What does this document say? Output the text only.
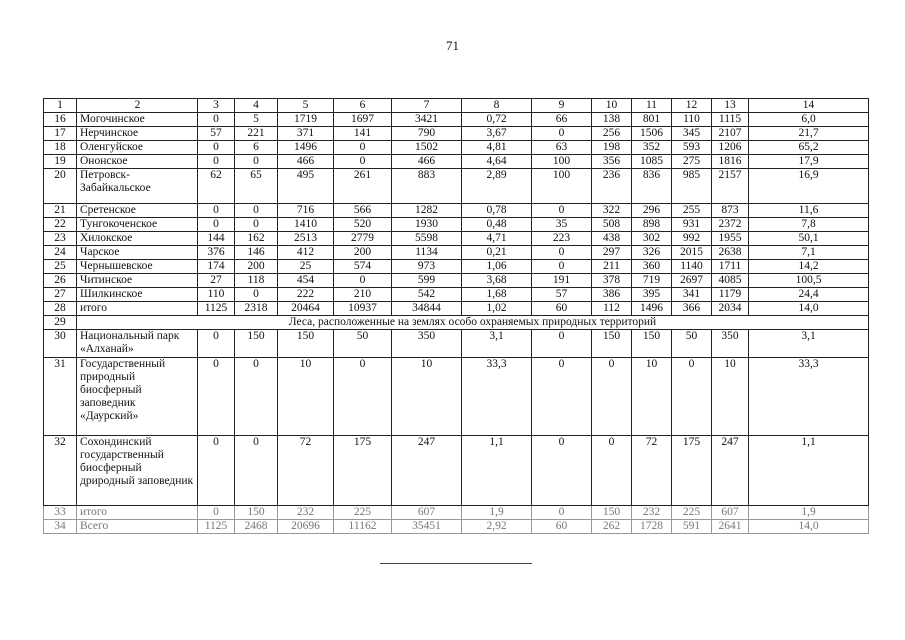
71
1	2	3	4	5	6	7	8	9	10	11	12	13	14
16	Могочинское	0	5	1719	1697	3421	0,72	66	138	801	110	1115	6,0
17	Нерчинское	57	221	371	141	790	3,67	0	256	1506	345	2107	21,7
18	Оленгуйское	0	6	1496	0	1502	4,81	63	198	352	593	1206	65,2
19	Ононское	0	0	466	0	466	4,64	100	356	1085	275	1816	17,9
20	Петровск-Забайкальское	62	65	495	261	883	2,89	100	236	836	985	2157	16,9
21	Сретенское	0	0	716	566	1282	0,78	0	322	296	255	873	11,6
22	Тунгокоченское	0	0	1410	520	1930	0,48	35	508	898	931	2372	7,8
23	Хилокское	144	162	2513	2779	5598	4,71	223	438	302	992	1955	50,1
24	Чарское	376	146	412	200	1134	0,21	0	297	326	2015	2638	7,1
25	Чернышевское	174	200	25	574	973	1,06	0	211	360	1140	1711	14,2
26	Читинское	27	118	454	0	599	3,68	191	378	719	2697	4085	100,5
27	Шилкинское	110	0	222	210	542	1,68	57	386	395	341	1179	24,4
28	итого	1125	2318	20464	10937	34844	1,02	60	112	1496	366	2034	14,0
29	Леса, расположенные на землях особо охраняемых природных территорий												
30	Национальный парк «Алханай»	0	150	150	50	350	3,1	0	150	150	50	350	3,1
31	Государственный природный биосферный заповедник «Даурский»	0	0	10	0	10	33,3	0	0	10	0	10	33,3
32	Сохондинский государственный биосферный дриродный заповедник	0	0	72	175	247	1,1	0	0	72	175	247	1,1
33	итого	0	150	232	225	607	1,9	0	150	232	225	607	1,9
34	Всего	1125	2468	20696	11162	35451	2,92	60	262	1728	591	2641	14,0
